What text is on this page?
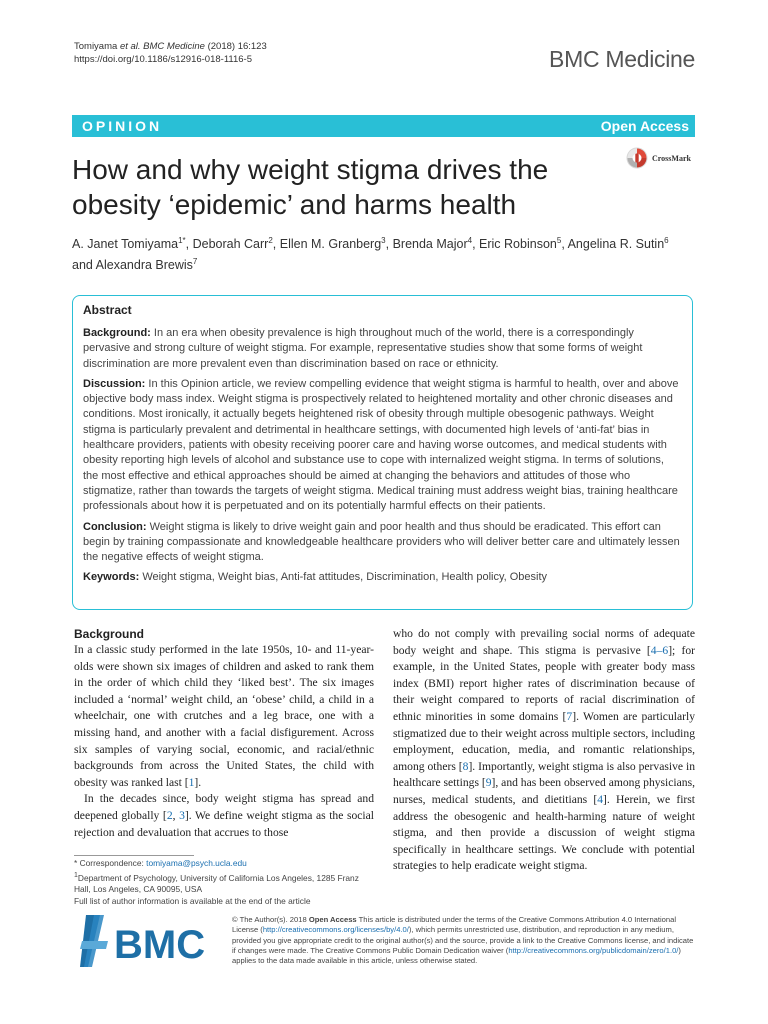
Tomiyama et al. BMC Medicine (2018) 16:123
https://doi.org/10.1186/s12916-018-1116-5	BMC Medicine
OPINION	Open Access
How and why weight stigma drives the
obesity ‘epidemic’ and harms health
CrossMark
A. Janet Tomiyama$^{1*}$, Deborah Carr$^2$, Ellen M. Granberg$^3$, Brenda Major$^4$, Eric Robinson$^5$, Angelina R. Sutin$^6$
and Alexandra Brewis$^7$
Abstract

Background: In an era when obesity prevalence is high throughout much of the world, there is a correspondingly pervasive and strong culture of weight stigma. For example, representative studies show that some forms of weight discrimination are more prevalent even than discrimination based on race or ethnicity.

Discussion: In this Opinion article, we review compelling evidence that weight stigma is harmful to health, over and above objective body mass index. Weight stigma is prospectively related to heightened mortality and other chronic diseases and conditions. Most ironically, it actually begets heightened risk of obesity through multiple obesogenic pathways. Weight stigma is particularly prevalent and detrimental in healthcare settings, with documented high levels of ‘anti-fat’ bias in healthcare providers, patients with obesity receiving poorer care and having worse outcomes, and medical students with obesity reporting high levels of alcohol and substance use to cope with internalized weight stigma. In terms of solutions, the most effective and ethical approaches should be aimed at changing the behaviors and attitudes of those who stigmatize, rather than towards the targets of weight stigma. Medical training must address weight bias, training healthcare professionals about how it is perpetuated and on its potentially harmful effects on their patients.

Conclusion: Weight stigma is likely to drive weight gain and poor health and thus should be eradicated. This effort can begin by training compassionate and knowledgeable healthcare providers who will deliver better care and ultimately lessen the negative effects of weight stigma.

Keywords: Weight stigma, Weight bias, Anti-fat attitudes, Discrimination, Health policy, Obesity

Background

In a classic study performed in the late 1950s, 10- and 11-year-olds were shown six images of children and asked to rank them in the order of which child they ‘liked best’. The six images included a ‘normal’ weight child, an ‘obese’ child, a child in a wheelchair, one with crutches and a leg brace, one with a missing hand, and another with a facial disfigurement. Across six samples of varying social, economic, and racial/ethnic backgrounds from across the United States, the child with obesity was ranked last [1].

In the decades since, body weight stigma has spread and deepened globally [2, 3]. We define weight stigma as the social rejection and devaluation that accrues to those

who do not comply with prevailing social norms of adequate body weight and shape. This stigma is pervasive [4–6]; for example, in the United States, people with greater body mass index (BMI) report higher rates of discrimination because of their weight compared to reports of racial discrimination of ethnic minorities in some domains [7]. Women are particularly stigmatized due to their weight across multiple sectors, including employment, education, media, and romantic relationships, among others [8]. Importantly, weight stigma is also pervasive in healthcare settings [9], and has been observed among physicians, nurses, medical students, and dietitians [4]. Herein, we first address the obesogenic and health-harming nature of weight stigma, and then provide a discussion of weight stigma specifically in healthcare settings. We conclude with potential strategies to help eradicate weight stigma.

* Correspondence: tomiyama@psych.ucla.edu

$^1$Department of Psychology, University of California Los Angeles, 1285 Franz Hall, Los Angeles, CA 90095, USA

Full list of author information is available at the end of the article

BMC
© The Author(s). 2018 Open Access This article is distributed under the terms of the Creative Commons Attribution 4.0 International License (http://creativecommons.org/licenses/by/4.0/), which permits unrestricted use, distribution, and reproduction in any medium, provided you give appropriate credit to the original author(s) and the source, provide a link to the Creative Commons license, and indicate if changes were made. The Creative Commons Public Domain Dedication waiver (http://creativecommons.org/publicdomain/zero/1.0/) applies to the data made available in this article, unless otherwise stated.
